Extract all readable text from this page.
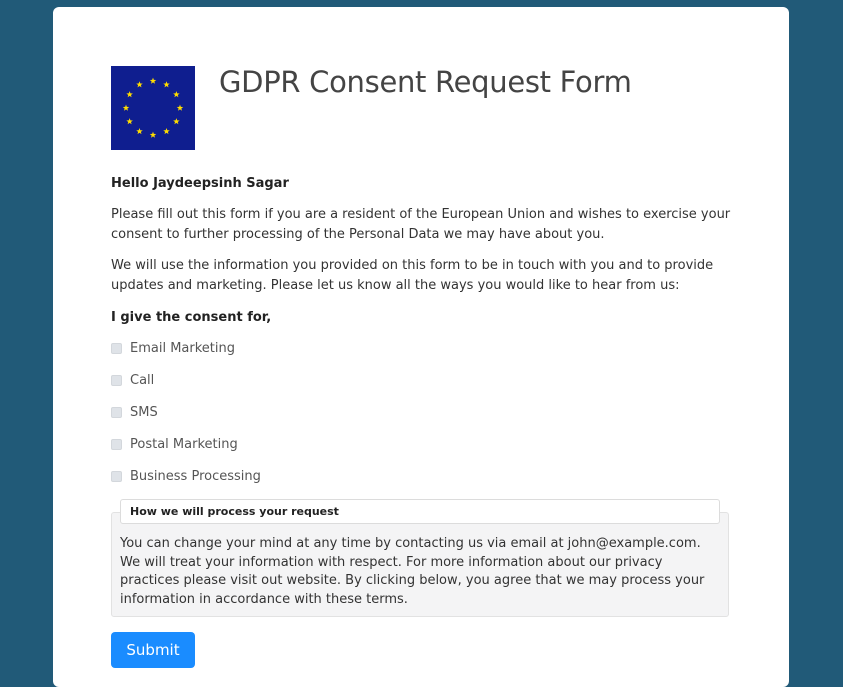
GDPR Consent Request Form
Hello Jaydeepsinh Sagar
Please fill out this form if you are a resident of the European Union and wishes to exercise your consent to further processing of the Personal Data we may have about you.
We will use the information you provided on this form to be in touch with you and to provide updates and marketing. Please let us know all the ways you would like to hear from us:
I give the consent for,
Email Marketing
Call
SMS
Postal Marketing
Business Processing
How we will process your request
You can change your mind at any time by contacting us via email at john@example.com. We will treat your information with respect. For more information about our privacy practices please visit out website. By clicking below, you agree that we may process your information in accordance with these terms.
Submit
